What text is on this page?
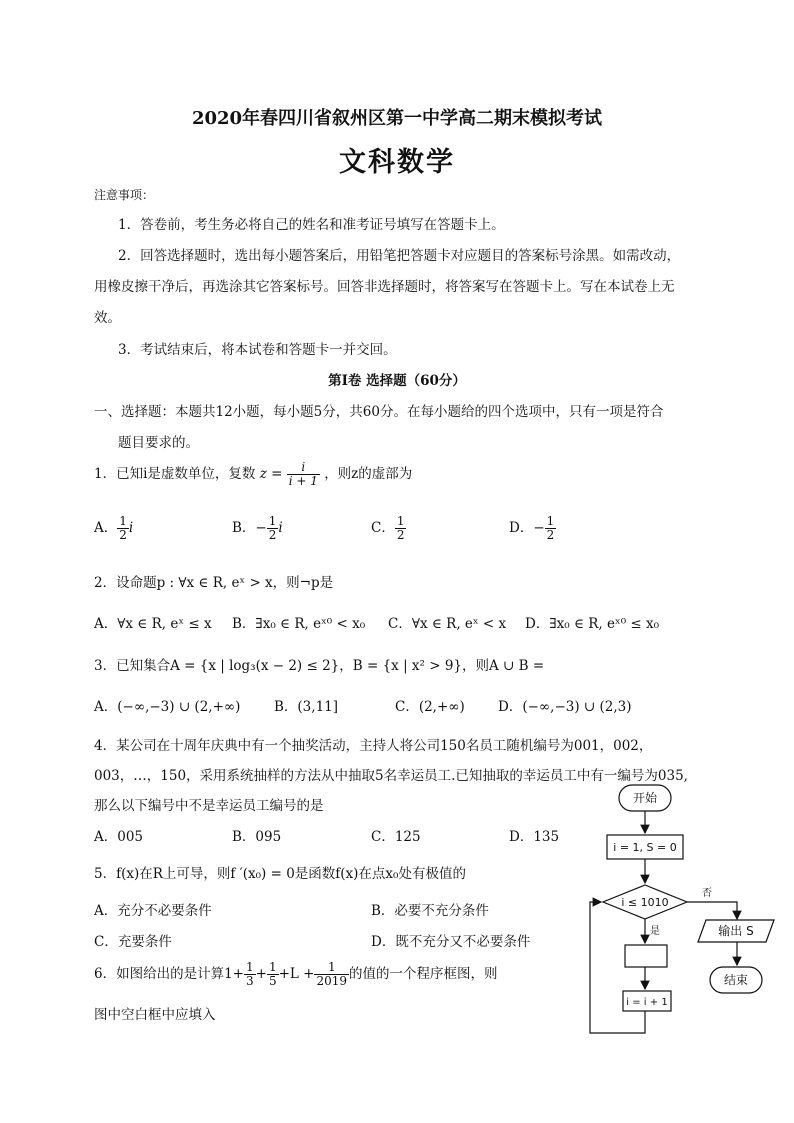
2020年春四川省叙州区第一中学高二期末模拟考试
文科数学
注意事项：
1．答卷前，考生务必将自己的姓名和准考证号填写在答题卡上。
2．回答选择题时，选出每小题答案后，用铅笔把答题卡对应题目的答案标号涂黑。如需改动，
用橡皮擦干净后，再选涂其它答案标号。回答非选择题时，将答案写在答题卡上。写在本试卷上无
效。
3．考试结束后，将本试卷和答题卡一并交回。
第Ⅰ卷 选择题（60分）
一、选择题：本题共12小题，每小题5分，共60分。在每小题给的四个选项中，只有一项是符合
题目要求的。
1．已知i是虚数单位，复数 $z = \frac{i}{i + 1}$ ，则z的虚部为
A． $\frac{1}{2}$ i	B．− $\frac{1}{2}$ i	C． $\frac{1}{2}$	D．− $\frac{1}{2}$
2．设命题p : ∀x ∈ R, eˣ > x，则¬p是
A．∀x ∈ R, eˣ ≤ x B．∃x₀ ∈ R, eˣ⁰ < x₀ C．∀x ∈ R, eˣ < x D．∃x₀ ∈ R, eˣ⁰ ≤ x₀
3．已知集合A = {x | log₃(x − 2) ≤ 2}，B = {x | x² > 9}，则A ∪ B =
A．(−∞,−3) ∪ (2,+∞) B．(3,11]	C．(2,+∞) D．(−∞,−3) ∪ (2,3)
4．某公司在十周年庆典中有一个抽奖活动，主持人将公司150名员工随机编号为001，002，
003，…，150，采用系统抽样的方法从中抽取5名幸运员工.已知抽取的幸运员工中有一编号为035,
那么以下编号中不是幸运员工编号的是
A．005	B．095	C．125	D．135
5．f(x)在R上可导，则f ′(x₀) = 0是函数f(x)在点x₀处有极值的
A．充分不必要条件	B．必要不充分条件
C．充要条件	D．既不充分又不必要条件
6．如图给出的是计算$1+ \frac{1}{3} + \frac{1}{5} +L + \frac{1}{2019}$ 的值的一个程序框图，则
图中空白框中应填入
开始
i = 1, S = 0
i ≤ 1010
否
是	输出 S
结束
i = i + 1
